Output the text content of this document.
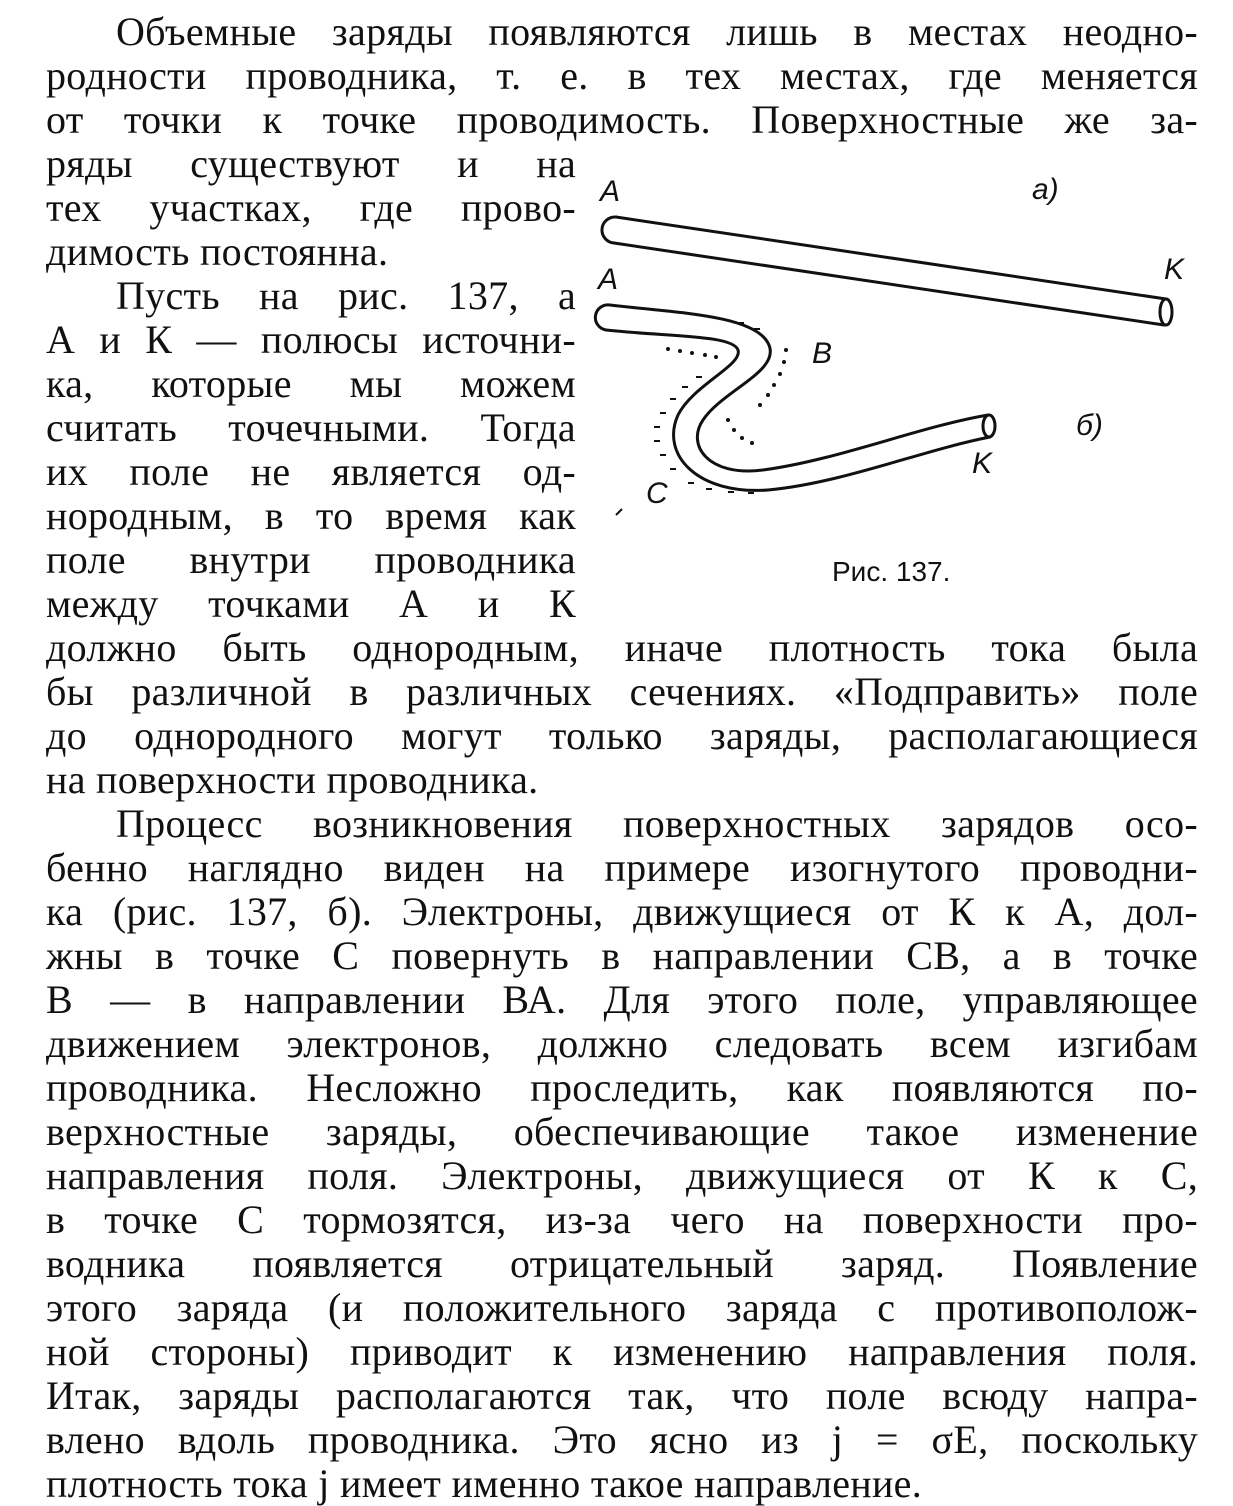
Объемные заряды появляются лишь в местах неодно-
родности проводника, т. е. в тех местах, где меняется
от точки к точке проводимость. Поверхностные же за-
ряды существуют и на
тех участках, где прово-
димость постоянна.
Пусть на рис. 137, а
А и К — полюсы источни-
ка, которые мы можем
считать точечными. Тогда
их поле не является од-
нородным, в то время как
поле внутри проводника
между точками А и К
должно быть однородным, иначе плотность тока была
бы различной в различных сечениях. «Подправить» поле
до однородного могут только заряды, располагающиеся
на поверхности проводника.
Процесс возникновения поверхностных зарядов осо-
бенно наглядно виден на примере изогнутого проводни-
ка (рис. 137, б). Электроны, движущиеся от К к А, дол-
жны в точке С повернуть в направлении СВ, а в точке
В — в направлении ВА. Для этого поле, управляющее
движением электронов, должно следовать всем изгибам
проводника. Несложно проследить, как появляются по-
верхностные заряды, обеспечивающие такое изменение
направления поля. Электроны, движущиеся от К к С,
в точке С тормозятся, из-за чего на поверхности про-
водника появляется отрицательный заряд. Появление
этого заряда (и положительного заряда с противополож-
ной стороны) приводит к изменению направления поля.
Итак, заряды располагаются так, что поле всюду напра-
влено вдоль проводника. Это ясно из j = σE, поскольку
плотность тока j имеет именно такое направление.
A	a)
K
A
B
б)
K
C
Рис. 137.
